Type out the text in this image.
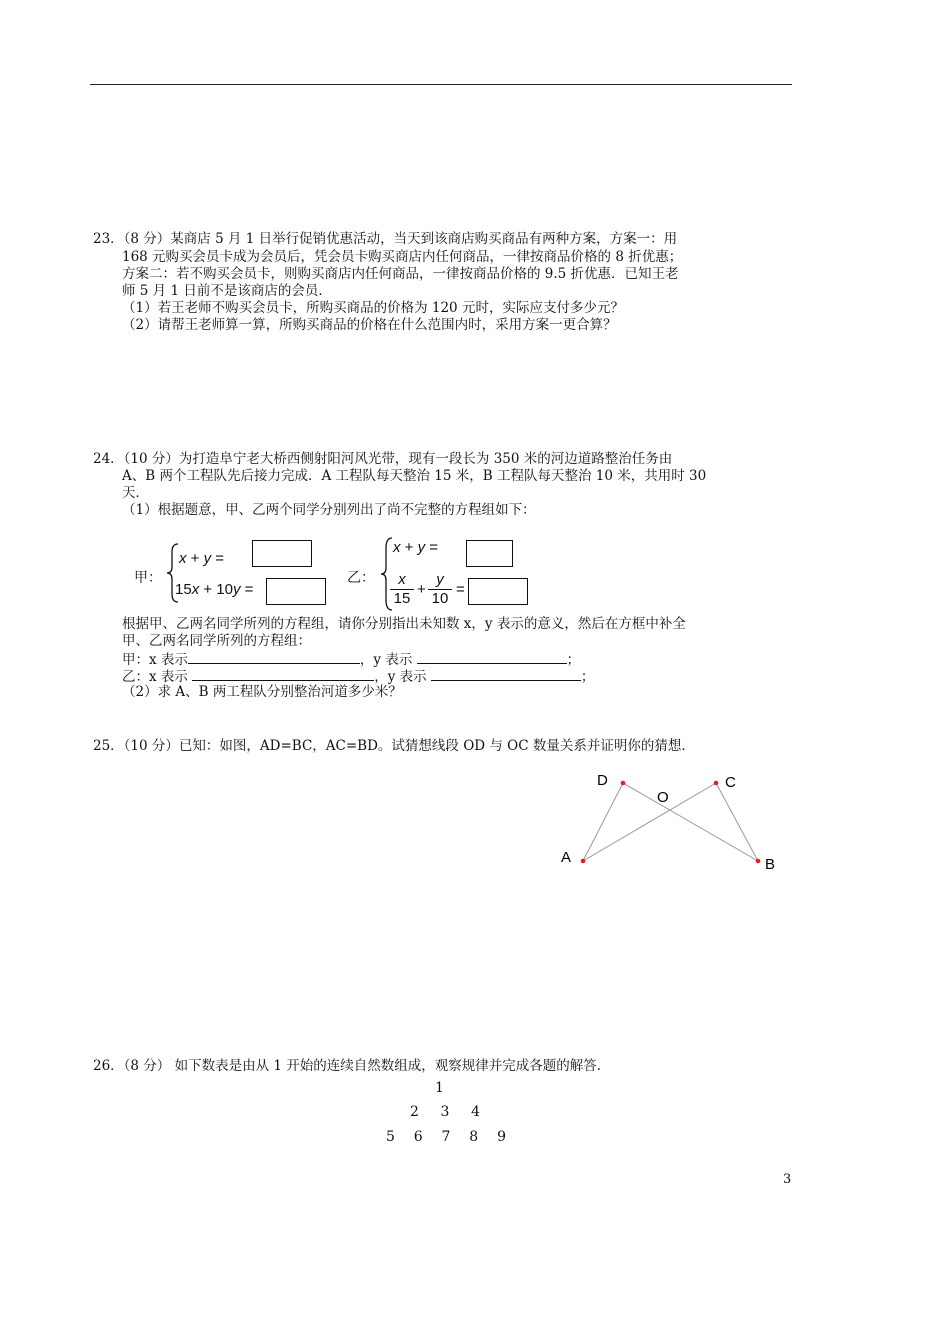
23．（8 分）某商店 5 月 1 日举行促销优惠活动，当天到该商店购买商品有两种方案，方案一：用
168 元购买会员卡成为会员后，凭会员卡购买商店内任何商品，一律按商品价格的 8 折优惠；
方案二：若不购买会员卡，则购买商店内任何商品，一律按商品价格的 9.5 折优惠．已知王老
师 5 月 1 日前不是该商店的会员．
（1）若王老师不购买会员卡，所购买商品的价格为 120 元时，实际应支付多少元？
（2）请帮王老师算一算，所购买商品的价格在什么范围内时，采用方案一更合算？
24．（10 分）为打造阜宁老大桥西侧射阳河风光带，现有一段长为 350 米的河边道路整治任务由
A、B 两个工程队先后接力完成．A 工程队每天整治 15 米，B 工程队每天整治 10 米，共用时 30
天．
（1）根据题意，甲、乙两个同学分别列出了尚不完整的方程组如下：
甲：
x + y =
15x + 10y =
乙：
x + y =
$\frac{x}{15} + \frac{y}{10}$ =
根据甲、乙两名同学所列的方程组，请你分别指出未知数 x，y 表示的意义，然后在方框中补全
甲、乙两名同学所列的方程组：
甲：x 表示	，y 表示	；
乙：x 表示	，y 表示	；
（2）求 A、B 两工程队分别整治河道多少米？
25．（10 分）已知：如图，AD=BC，AC=BD。试猜想线段 OD 与 OC 数量关系并证明你的猜想．
D	C
O
A	B
26．（8 分） 如下数表是由从 1 开始的连续自然数组成，观察规律并完成各题的解答．
1
2 3 4
5 6 7 8 9
3
